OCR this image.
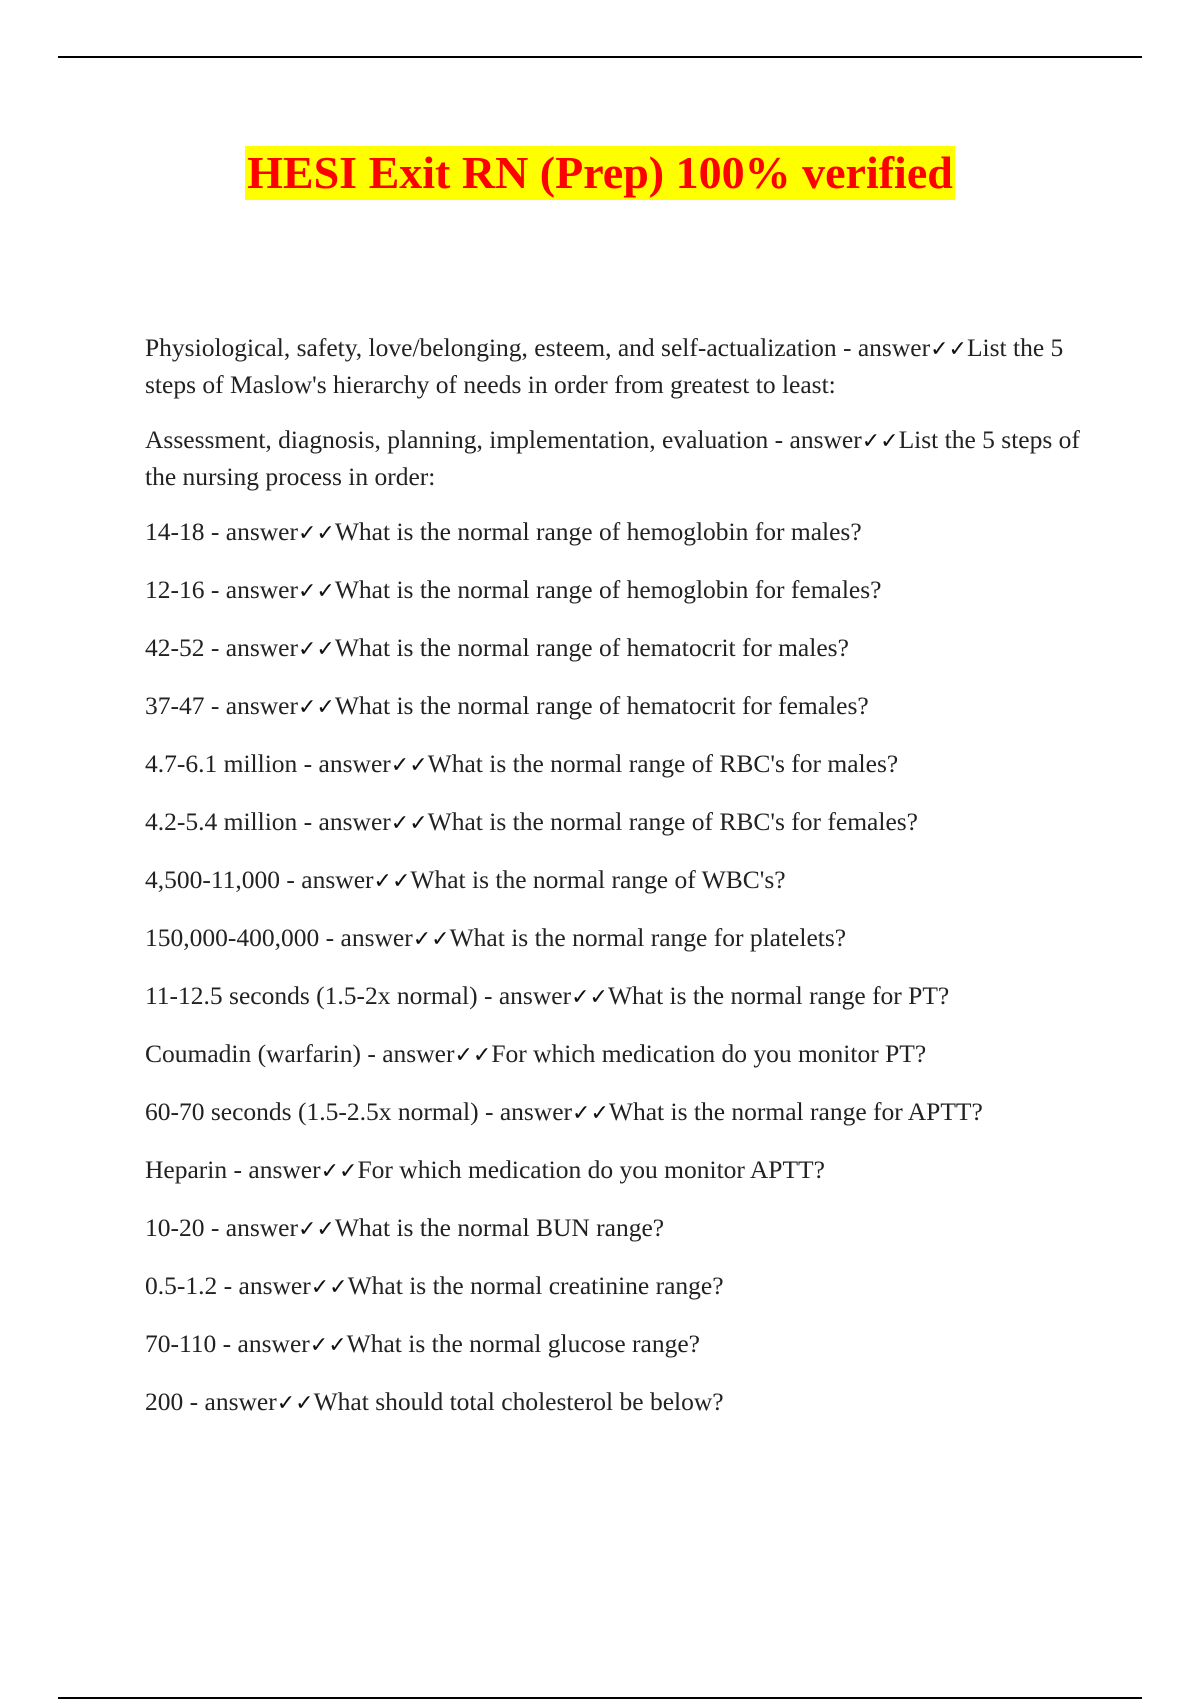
HESI Exit RN (Prep) 100% verified
Physiological, safety, love/belonging, esteem, and self-actualization - answer✓✓List the 5 steps of Maslow's hierarchy of needs in order from greatest to least:
Assessment, diagnosis, planning, implementation, evaluation - answer✓✓List the 5 steps of the nursing process in order:
14-18 - answer✓✓What is the normal range of hemoglobin for males?
12-16 - answer✓✓What is the normal range of hemoglobin for females?
42-52 - answer✓✓What is the normal range of hematocrit for males?
37-47 - answer✓✓What is the normal range of hematocrit for females?
4.7-6.1 million - answer✓✓What is the normal range of RBC's for males?
4.2-5.4 million - answer✓✓What is the normal range of RBC's for females?
4,500-11,000 - answer✓✓What is the normal range of WBC's?
150,000-400,000 - answer✓✓What is the normal range for platelets?
11-12.5 seconds (1.5-2x normal) - answer✓✓What is the normal range for PT?
Coumadin (warfarin) - answer✓✓For which medication do you monitor PT?
60-70 seconds (1.5-2.5x normal) - answer✓✓What is the normal range for APTT?
Heparin - answer✓✓For which medication do you monitor APTT?
10-20 - answer✓✓What is the normal BUN range?
0.5-1.2 - answer✓✓What is the normal creatinine range?
70-110 - answer✓✓What is the normal glucose range?
200 - answer✓✓What should total cholesterol be below?
